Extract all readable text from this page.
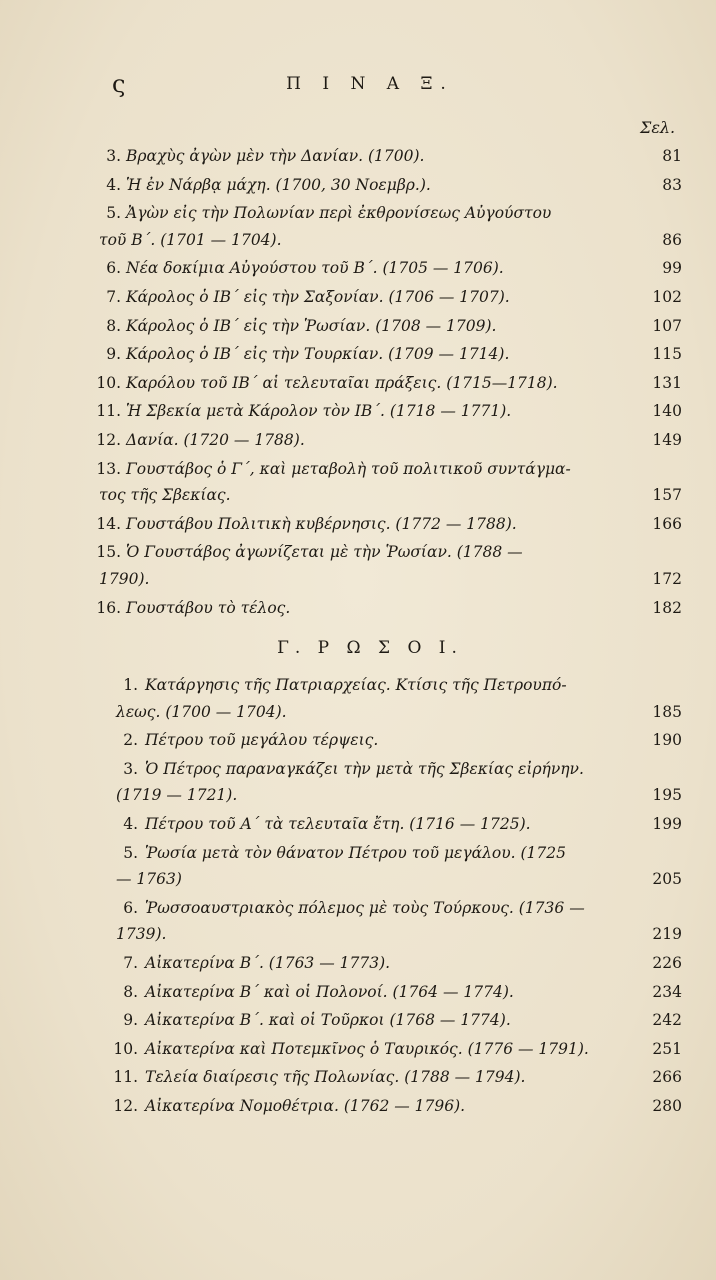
ς	Π Ι Ν Α Ξ.
Σελ.
3. Βραχὺς ἀγὼν μὲν τὴν Δανίαν. (1700).	81
4. Ἡ ἐν Νάρβᾳ μάχη. (1700, 30 Νοεμβρ.).	83
5. Ἀγὼν εἰς τὴν Πολωνίαν περὶ ἐκθρονίσεως Αὐγούστου
τοῦ Β΄. (1701 — 1704).	86
6. Νέα δοκίμια Αὐγούστου τοῦ Β΄. (1705 — 1706).	99
7. Κάρολος ὁ ΙΒ΄ εἰς τὴν Σαξονίαν. (1706 — 1707).	102
8. Κάρολος ὁ ΙΒ΄ εἰς τὴν Ῥωσίαν. (1708 — 1709).	107
9. Κάρολος ὁ ΙΒ΄ εἰς τὴν Τουρκίαν. (1709 — 1714).	115
10. Καρόλου τοῦ ΙΒ΄ αἱ τελευταῖαι πράξεις. (1715—1718).	131
11. Ἡ Σβεκία μετὰ Κάρολον τὸν ΙΒ΄. (1718 — 1771).	140
12. Δανία. (1720 — 1788).	149
13. Γουστάβος ὁ Γ΄, καὶ μεταβολὴ τοῦ πολιτικοῦ συντάγμα-
τος τῆς Σβεκίας.	157
14. Γουστάβου Πολιτικὴ κυβέρνησις. (1772 — 1788).	166
15. Ὁ Γουστάβος ἀγωνίζεται μὲ τὴν Ῥωσίαν. (1788 —
1790).	172
16. Γουστάβου τὸ τέλος.	182
Γ. Ρ Ω Σ Ο Ι.
1. Κατάργησις τῆς Πατριαρχείας. Κτίσις τῆς Πετρουπό-
λεως. (1700 — 1704).	185
2. Πέτρου τοῦ μεγάλου τέρψεις.	190
3. Ὁ Πέτρος παραναγκάζει τὴν μετὰ τῆς Σβεκίας εἰρήνην.
(1719 — 1721).	195
4. Πέτρου τοῦ Α΄ τὰ τελευταῖα ἔτη. (1716 — 1725).	199
5. Ῥωσία μετὰ τὸν θάνατον Πέτρου τοῦ μεγάλου. (1725
— 1763)	205
6. Ῥωσσοαυστριακὸς πόλεμος μὲ τοὺς Τούρκους. (1736 —
1739).	219
7. Αἰκατερίνα Β΄. (1763 — 1773).	226
8. Αἰκατερίνα Β΄ καὶ οἱ Πολονοί. (1764 — 1774).	234
9. Αἰκατερίνα Β΄. καὶ οἱ Τοῦρκοι (1768 — 1774).	242
10. Αἰκατερίνα καὶ Ποτεμκῖνος ὁ Ταυρικός. (1776 — 1791).	251
11. Τελεία διαίρεσις τῆς Πολωνίας. (1788 — 1794).	266
12. Αἰκατερίνα Νομοθέτρια. (1762 — 1796).	280
